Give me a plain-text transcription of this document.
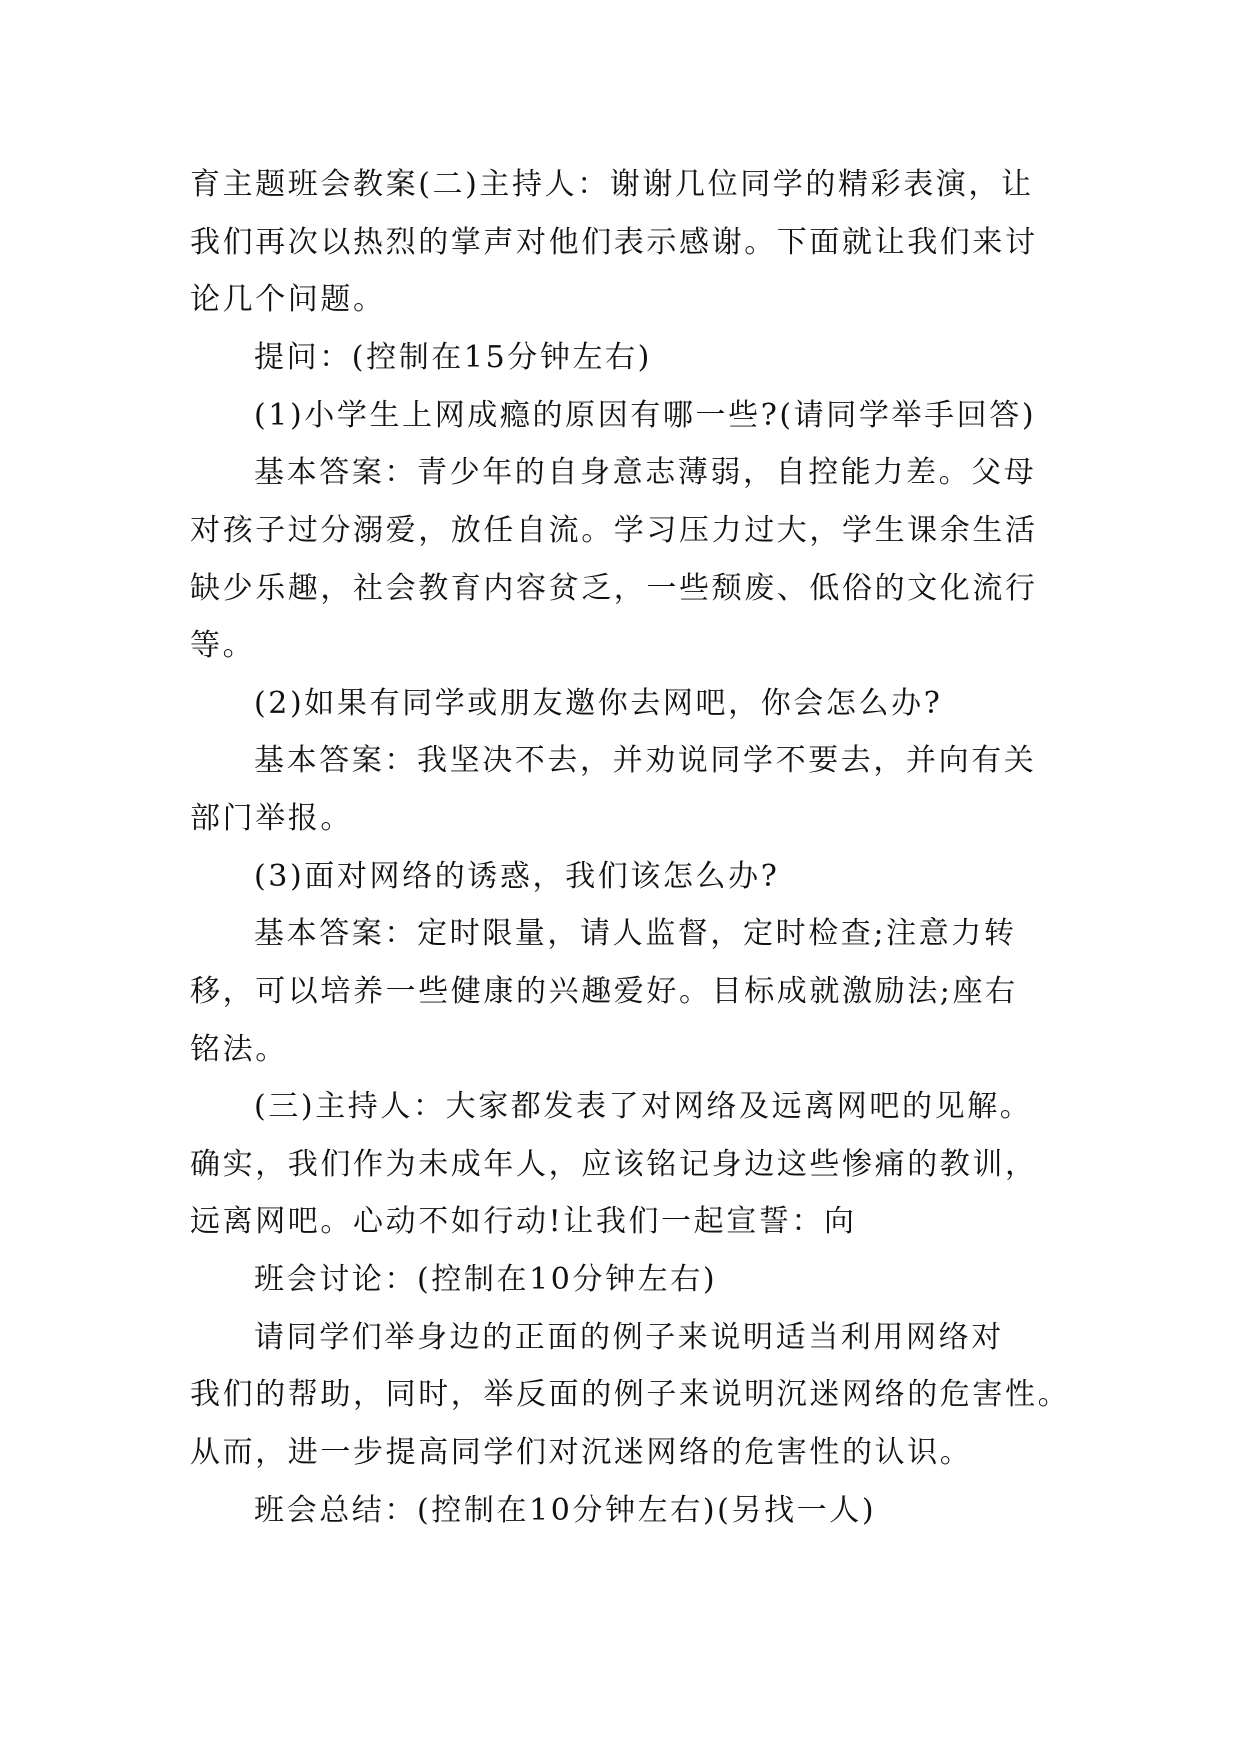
育主题班会教案(二)主持人：谢谢几位同学的精彩表演，让
我们再次以热烈的掌声对他们表示感谢。下面就让我们来讨
论几个问题。
提问：(控制在15分钟左右)
(1)小学生上网成瘾的原因有哪一些?(请同学举手回答)
基本答案：青少年的自身意志薄弱，自控能力差。父母
对孩子过分溺爱，放任自流。学习压力过大，学生课余生活
缺少乐趣，社会教育内容贫乏，一些颓废、低俗的文化流行
等。
(2)如果有同学或朋友邀你去网吧，你会怎么办?
基本答案：我坚决不去，并劝说同学不要去，并向有关
部门举报。
(3)面对网络的诱惑，我们该怎么办?
基本答案：定时限量，请人监督，定时检查;注意力转
移，可以培养一些健康的兴趣爱好。目标成就激励法;座右
铭法。
(三)主持人：大家都发表了对网络及远离网吧的见解。
确实，我们作为未成年人，应该铭记身边这些惨痛的教训，
远离网吧。心动不如行动!让我们一起宣誓：向
班会讨论：(控制在10分钟左右)
请同学们举身边的正面的例子来说明适当利用网络对
我们的帮助，同时，举反面的例子来说明沉迷网络的危害性。
从而，进一步提高同学们对沉迷网络的危害性的认识。
班会总结：(控制在10分钟左右)(另找一人)
